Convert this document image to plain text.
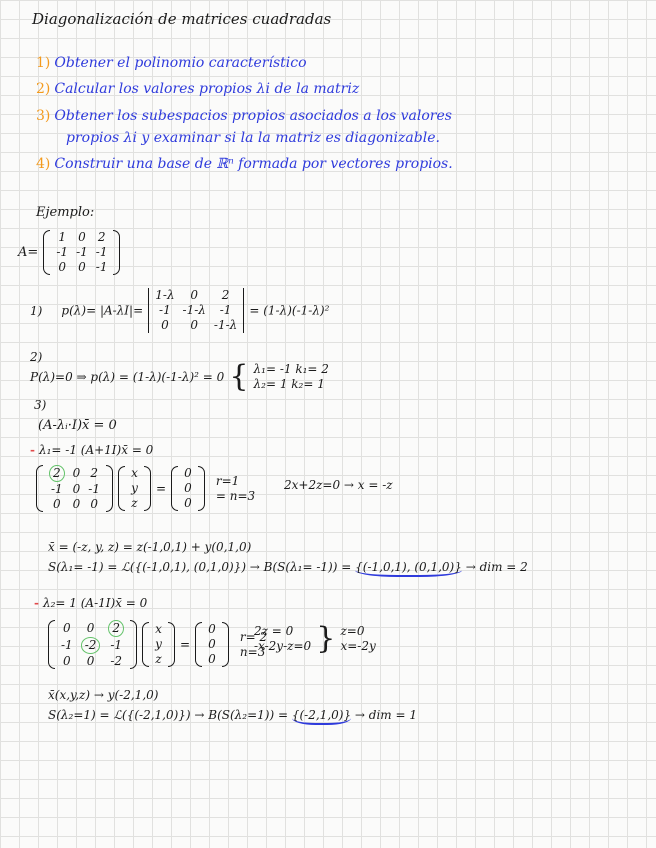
Diagonalización de matrices cuadradas
1) Obtener el polinomio característico
2) Calcular los valores propios λi de la matriz
3) Obtener los subespacios propios asociados a los valores
propios λi y examinar si la la matriz es diagonizable.
4) Construir una base de ℝⁿ formada por vectores propios.
Ejemplo:
A=
1	0	2
-1	-1	-1
0	0	-1
1) p(λ)= |A-λI|=
1-λ	0	2
-1	-1-λ	-1
0	0	-1-λ
= (1-λ)(-1-λ)²
2)
P(λ)=0 ⇒ p(λ) = (1-λ)(-1-λ)² = 0 { λ₁= -1 k₁= 2
λ₂= 1 k₂= 1
3)
(A-λᵢ·I)x̄ = 0
- λ₁= -1 (A+1I)x̄ = 0
2	0	2
-1	0	-1
0	0	0

x
y
z
=
0
0
0
r=1
= n=3
2x+2z=0 → x = -z
x̄ = (-z, y, z) = z(-1,0,1) + y(0,1,0)
S(λ₁= -1) = ℒ({(-1,0,1), (0,1,0)}) → B(S(λ₁= -1)) = {(-1,0,1), (0,1,0)} → dim = 2
- λ₂= 1 (A-1I)x̄ = 0
0	0	2
-1	-2	-1
0	0	-2

x
y
z
=
0
0
0
r= 2
n=3
2z = 0
-x-2y-z=0 } z=0
x=-2y
x̄(x,y,z) → y(-2,1,0)
S(λ₂=1) = ℒ({(-2,1,0)}) → B(S(λ₂=1)) = {(-2,1,0)} → dim = 1
